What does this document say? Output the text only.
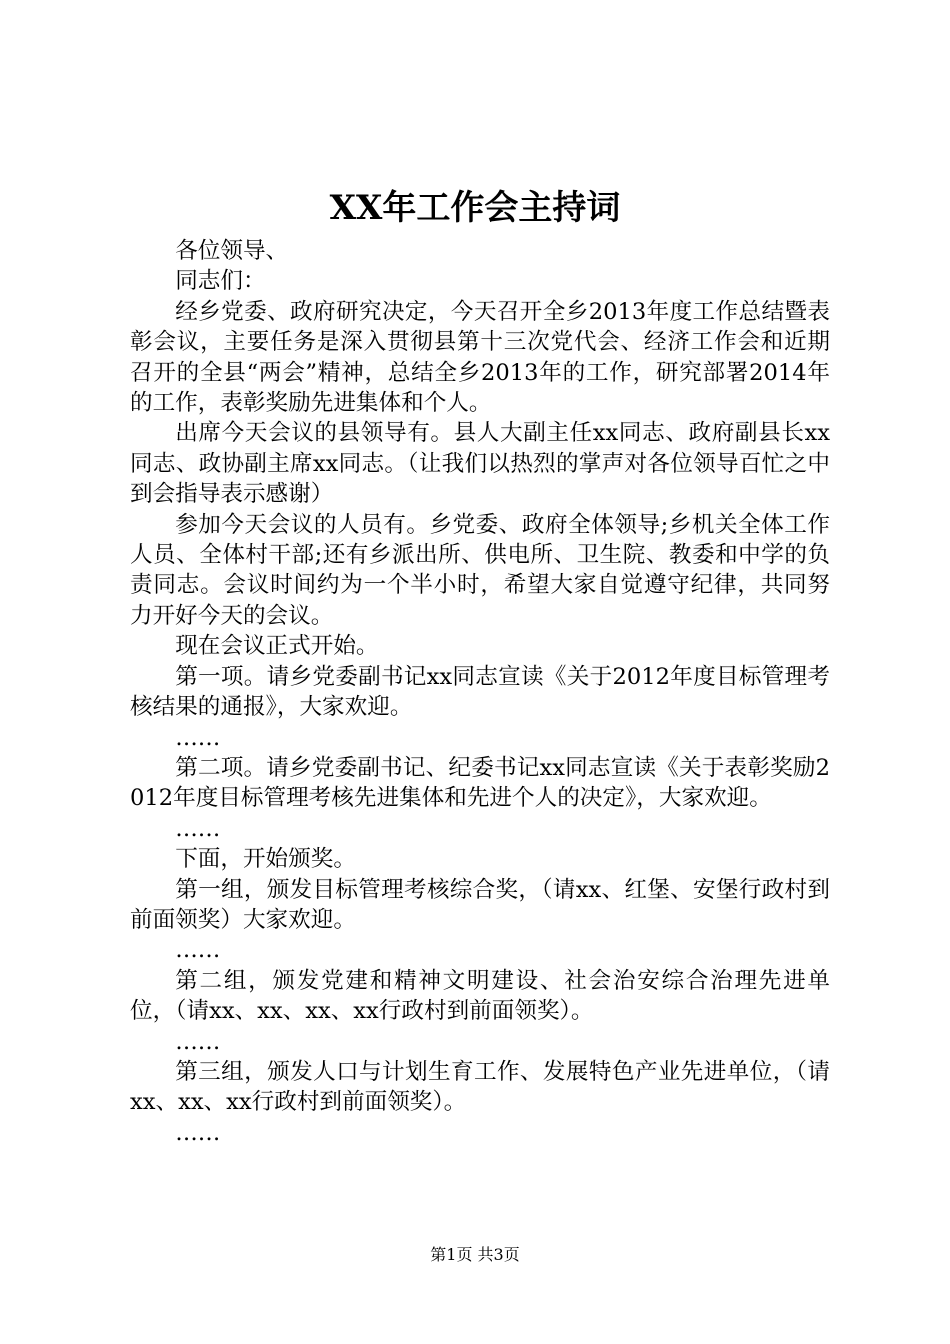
XX年工作会主持词

各位领导、

同志们：

经乡党委、政府研究决定，今天召开全乡2013年度工作总结暨表彰会议，主要任务是深入贯彻县第十三次党代会、经济工作会和近期召开的全县“两会”精神，总结全乡2013年的工作，研究部署2014年的工作，表彰奖励先进集体和个人。

出席今天会议的县领导有。县人大副主任xx同志、政府副县长xx同志、政协副主席xx同志。（让我们以热烈的掌声对各位领导百忙之中到会指导表示感谢）

参加今天会议的人员有。乡党委、政府全体领导;乡机关全体工作人员、全体村干部;还有乡派出所、供电所、卫生院、教委和中学的负责同志。会议时间约为一个半小时，希望大家自觉遵守纪律，共同努力开好今天的会议。

现在会议正式开始。

第一项。请乡党委副书记xx同志宣读《关于2012年度目标管理考核结果的通报》，大家欢迎。

……

第二项。请乡党委副书记、纪委书记xx同志宣读《关于表彰奖励2012年度目标管理考核先进集体和先进个人的决定》，大家欢迎。

……

下面，开始颁奖。

第一组，颁发目标管理考核综合奖，（请xx、红堡、安堡行政村到前面领奖）大家欢迎。

……

第二组，颁发党建和精神文明建设、社会治安综合治理先进单位，（请xx、xx、xx、xx行政村到前面领奖）。

……

第三组，颁发人口与计划生育工作、发展特色产业先进单位，（请xx、xx、xx行政村到前面领奖）。

……

第1页 共3页
